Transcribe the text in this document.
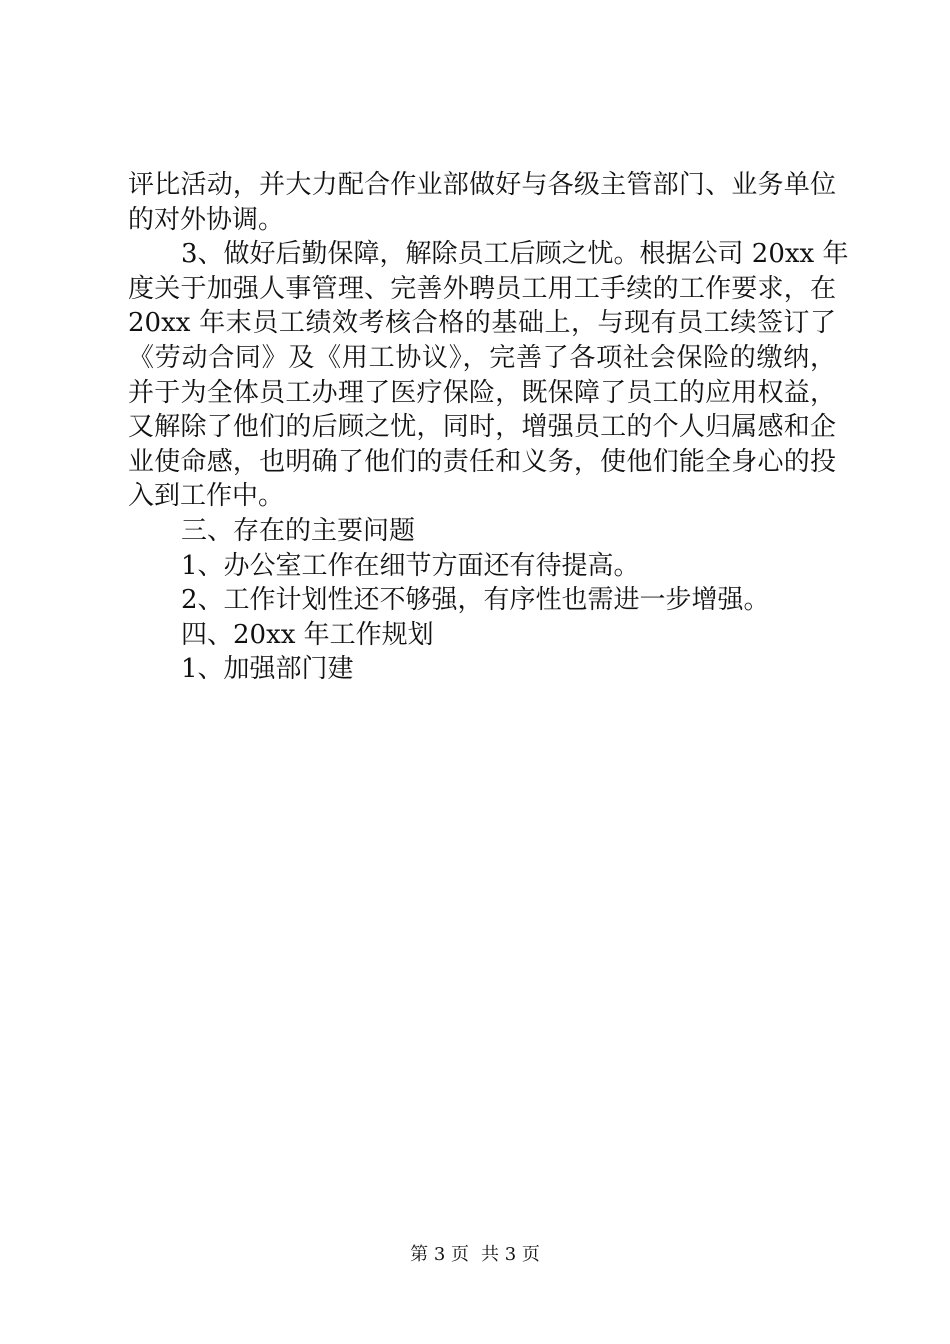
评比活动，并大力配合作业部做好与各级主管部门、业务单位
的对外协调。
3、做好后勤保障，解除员工后顾之忧。根据公司 20xx 年
度关于加强人事管理、完善外聘员工用工手续的工作要求，在
20xx 年末员工绩效考核合格的基础上，与现有员工续签订了
《劳动合同》及《用工协议》，完善了各项社会保险的缴纳，
并于为全体员工办理了医疗保险，既保障了员工的应用权益，
又解除了他们的后顾之忧，同时，增强员工的个人归属感和企
业使命感，也明确了他们的责任和义务，使他们能全身心的投
入到工作中。
三、存在的主要问题
1、办公室工作在细节方面还有待提高。
2、工作计划性还不够强，有序性也需进一步增强。
四、20xx 年工作规划
1、加强部门建
第 3 页 共 3 页
